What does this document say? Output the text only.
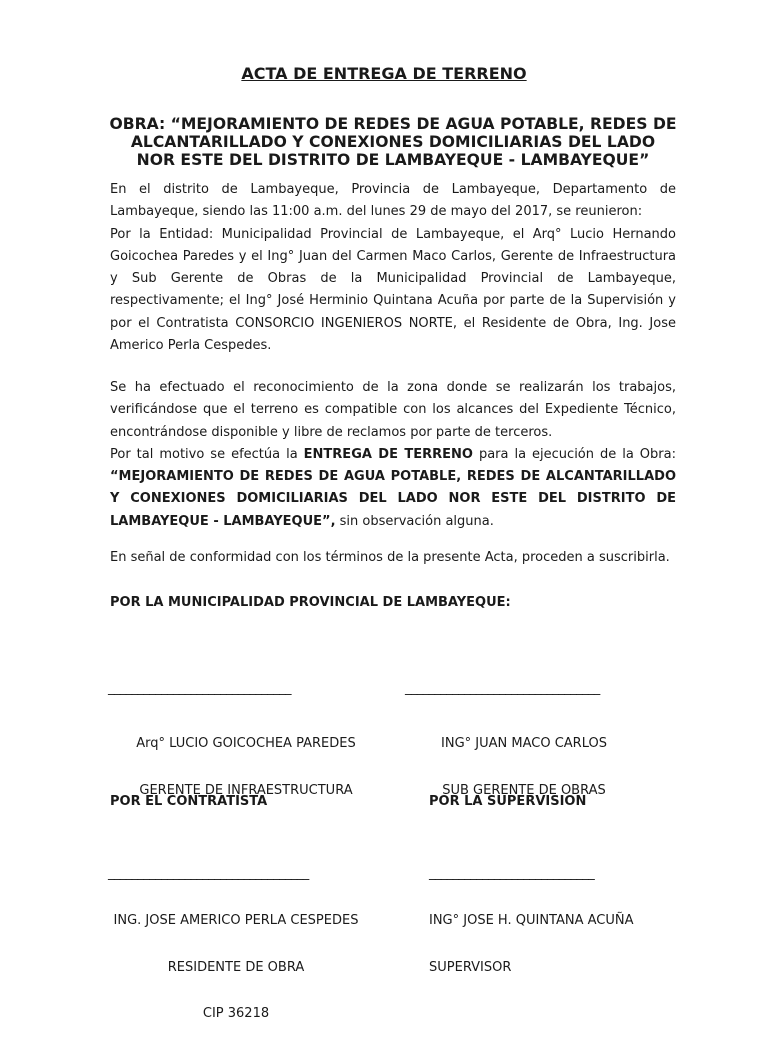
ACTA DE ENTREGA DE TERRENO
OBRA: “MEJORAMIENTO DE REDES DE AGUA POTABLE, REDES DE
ALCANTARILLADO Y CONEXIONES DOMICILIARIAS DEL LADO
NOR ESTE DEL DISTRITO DE LAMBAYEQUE - LAMBAYEQUE”
En el distrito de Lambayeque, Provincia de Lambayeque, Departamento de
Lambayeque, siendo las 11:00 a.m. del lunes 29 de mayo del 2017, se reunieron:
Por la Entidad: Municipalidad Provincial de Lambayeque, el Arq° Lucio Hernando
Goicochea Paredes y el Ing° Juan del Carmen Maco Carlos, Gerente de Infraestructura
y Sub Gerente de Obras de la Municipalidad Provincial de Lambayeque,
respectivamente; el Ing° José Herminio Quintana Acuña por parte de la Supervisión y
por el Contratista CONSORCIO INGENIEROS NORTE, el Residente de Obra, Ing. Jose
Americo Perla Cespedes.
Se ha efectuado el reconocimiento de la zona donde se realizarán los trabajos,
verificándose que el terreno es compatible con los alcances del Expediente Técnico,
encontrándose disponible y libre de reclamos por parte de terceros.
Por tal motivo se efectúa la ENTREGA DE TERRENO para la ejecución de la Obra:
“MEJORAMIENTO DE REDES DE AGUA POTABLE, REDES DE ALCANTARILLADO
Y CONEXIONES DOMICILIARIAS DEL LADO NOR ESTE DEL DISTRITO DE
LAMBAYEQUE - LAMBAYEQUE”, sin observación alguna.
En señal de conformidad con los términos de la presente Acta, proceden a suscribirla.
POR LA MUNICIPALIDAD PROVINCIAL DE LAMBAYEQUE:
_______________________________	_________________________________

Arq° LUCIO GOICOCHEA PAREDES

GERENTE DE INFRAESTRUCTURA

ING° JUAN MACO CARLOS

SUB GERENTE DE OBRAS

POR EL CONTRATISTA	POR LA SUPERVISION
__________________________________	____________________________

ING. JOSE AMERICO PERLA CESPEDES

RESIDENTE DE OBRA

CIP 36218

ING° JOSE H. QUINTANA ACUÑA

SUPERVISOR
